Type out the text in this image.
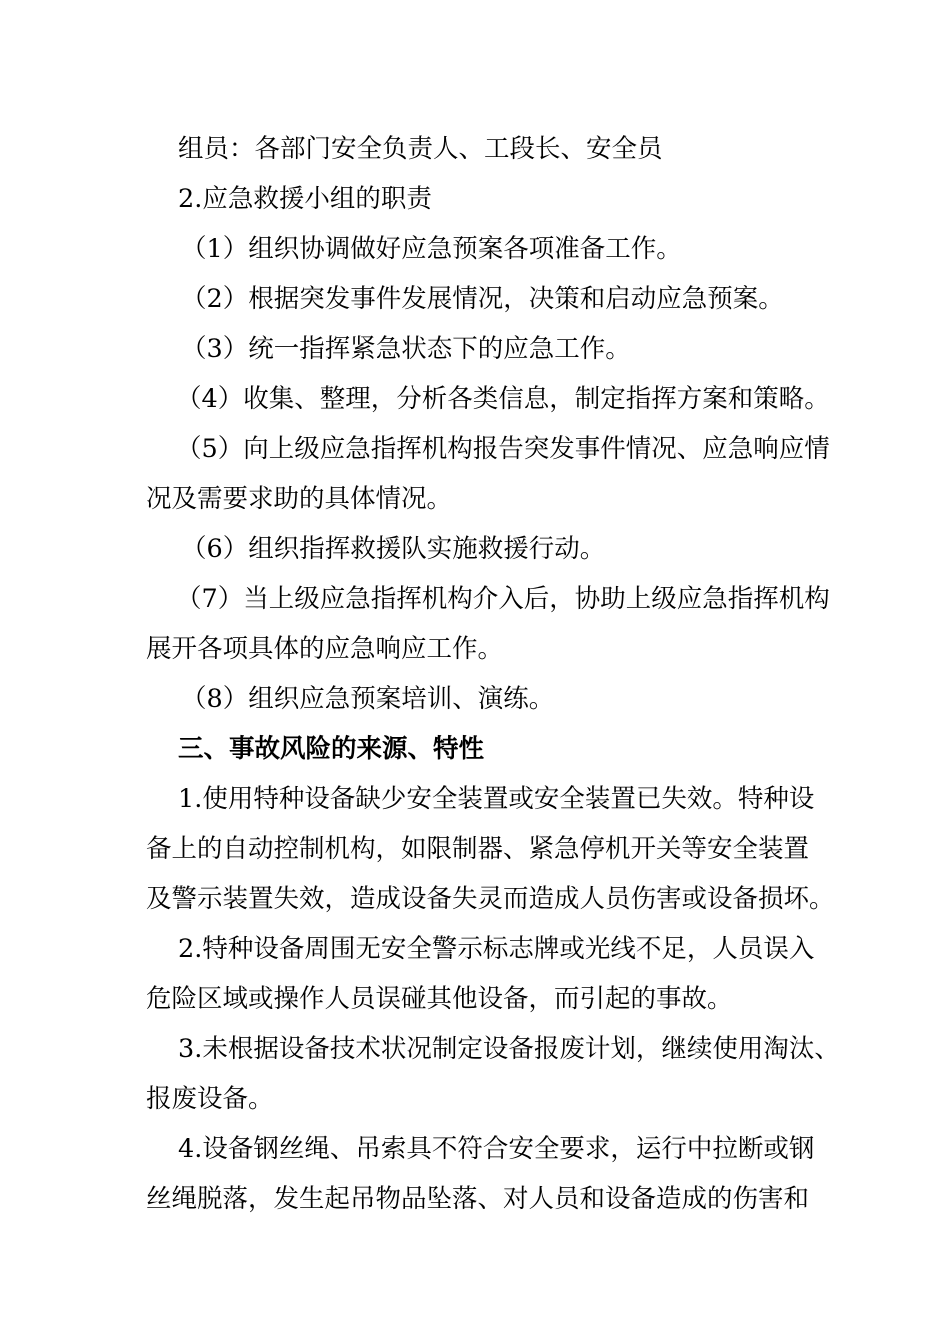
组员：各部门安全负责人、工段长、安全员
2.应急救援小组的职责
（1）组织协调做好应急预案各项准备工作。
（2）根据突发事件发展情况，决策和启动应急预案。
（3）统一指挥紧急状态下的应急工作。
（4）收集、整理，分析各类信息，制定指挥方案和策略。
（5）向上级应急指挥机构报告突发事件情况、应急响应情
况及需要求助的具体情况。
（6）组织指挥救援队实施救援行动。
（7）当上级应急指挥机构介入后，协助上级应急指挥机构
展开各项具体的应急响应工作。
（8）组织应急预案培训、演练。
三、事故风险的来源、特性
1.使用特种设备缺少安全装置或安全装置已失效。特种设
备上的自动控制机构，如限制器、紧急停机开关等安全装置
及警示装置失效，造成设备失灵而造成人员伤害或设备损坏。
2.特种设备周围无安全警示标志牌或光线不足，人员误入
危险区域或操作人员误碰其他设备，而引起的事故。
3.未根据设备技术状况制定设备报废计划，继续使用淘汰、
报废设备。
4.设备钢丝绳、吊索具不符合安全要求，运行中拉断或钢
丝绳脱落，发生起吊物品坠落、对人员和设备造成的伤害和
